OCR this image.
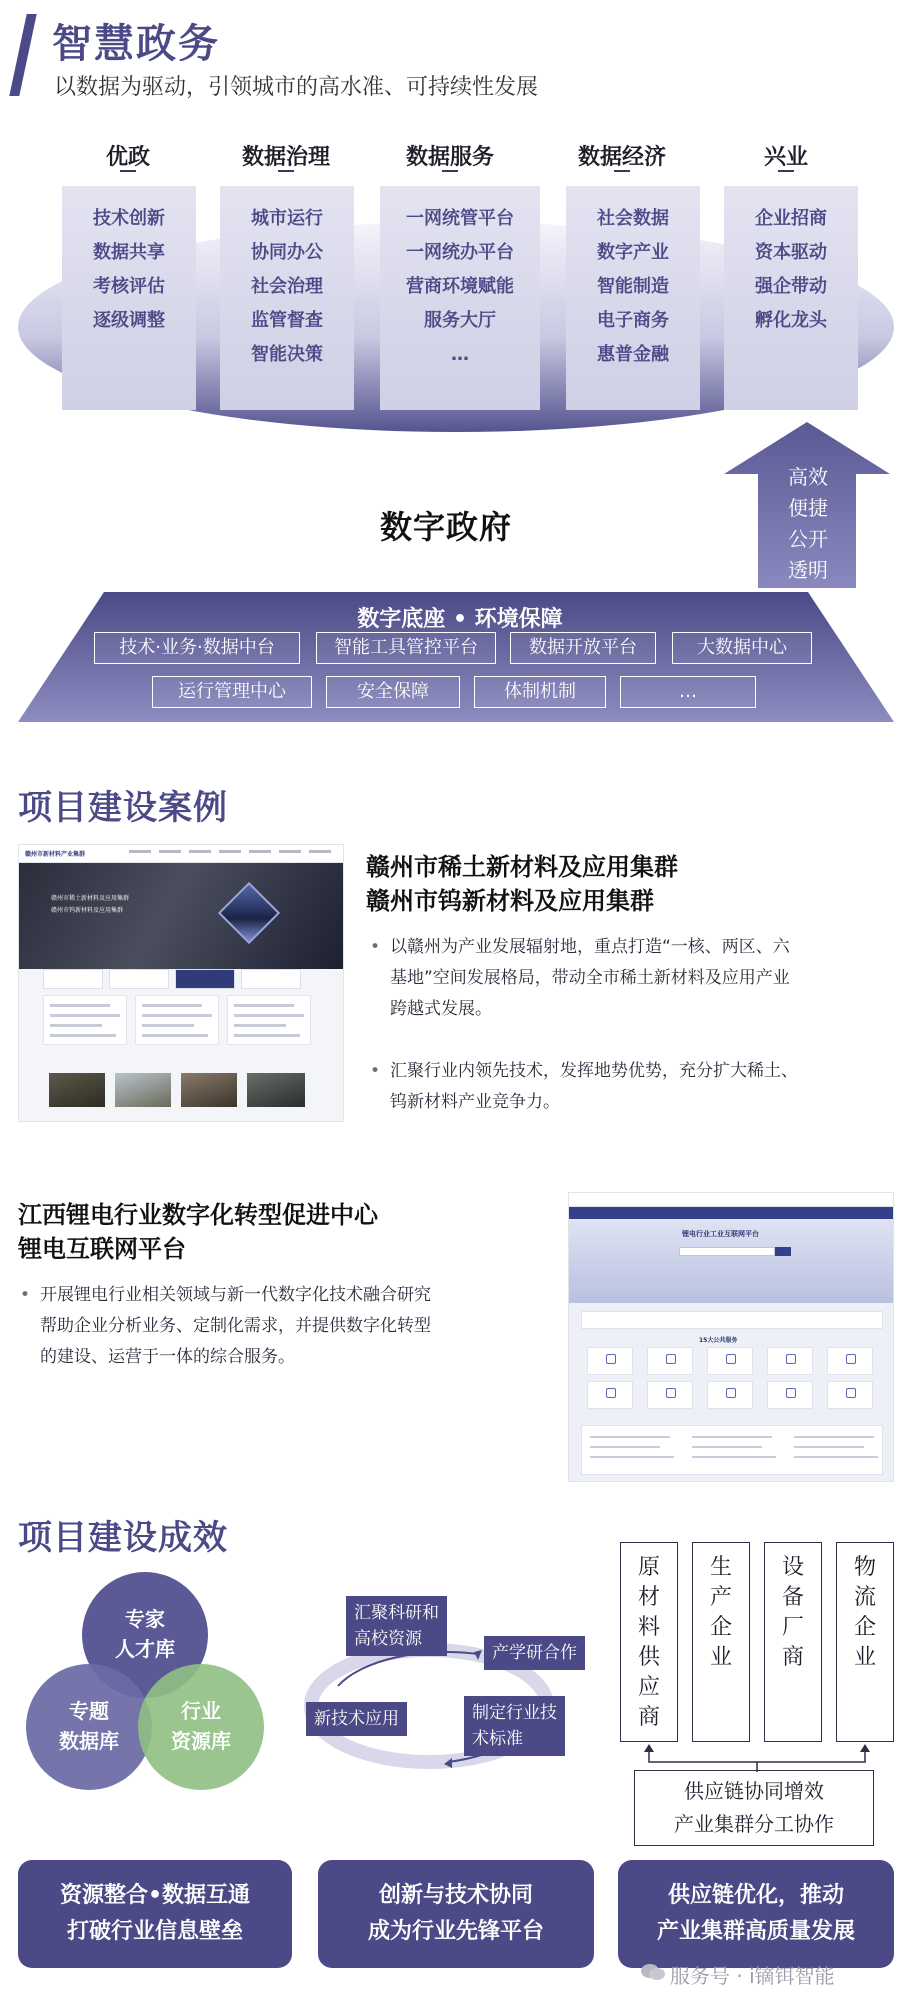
智慧政务
以数据为驱动，引领城市的高水准、可持续性发展
优政	数据治理	数据服务	数据经济	兴业
技术创新
数据共享
考核评估
逐级调整
城市运行
协同办公
社会治理
监管督查
智能决策
一网统管平台
一网统办平台
营商环境赋能
服务大厅
…
社会数据
数字产业
智能制造
电子商务
惠普金融
企业招商
资本驱动
强企带动
孵化龙头
数字政府
高效
便捷
公开
透明
数字底座 • 环境保障
技术·业务·数据中台	智能工具管控平台	数据开放平台	大数据中心
运行管理中心	安全保障	体制机制	…
项目建设案例
赣州市新材料产业集群
赣州市稀土新材料及应用集群
赣州市钨新材料及应用集群
赣州市稀土新材料及应用集群
赣州市钨新材料及应用集群
• 以赣州为产业发展辐射地，重点打造“一核、两区、六
基地”空间发展格局，带动全市稀土新材料及应用产业
跨越式发展。
• 汇聚行业内领先技术，发挥地势优势，充分扩大稀土、
钨新材料产业竞争力。
江西锂电行业数字化转型促进中心
锂电互联网平台
• 开展锂电行业相关领域与新一代数字化技术融合研究
帮助企业分析业务、定制化需求，并提供数字化转型
的建设、运营于一体的综合服务。
锂电行业工业互联网平台
15大公共服务
项目建设成效
专家
人才库
专题
数据库
行业
资源库
汇聚科研和
高校资源
产学研合作
新技术应用	制定行业技
术标准
原
材
料
供
应
商
生
产
企
业
设
备
厂
商
物
流
企
业
供应链协同增效
产业集群分工协作
资源整合•数据互通
打破行业信息壁垒
创新与技术协同
成为行业先锋平台
供应链优化，推动
产业集群高质量发展
服务号 · i镝铒智能
